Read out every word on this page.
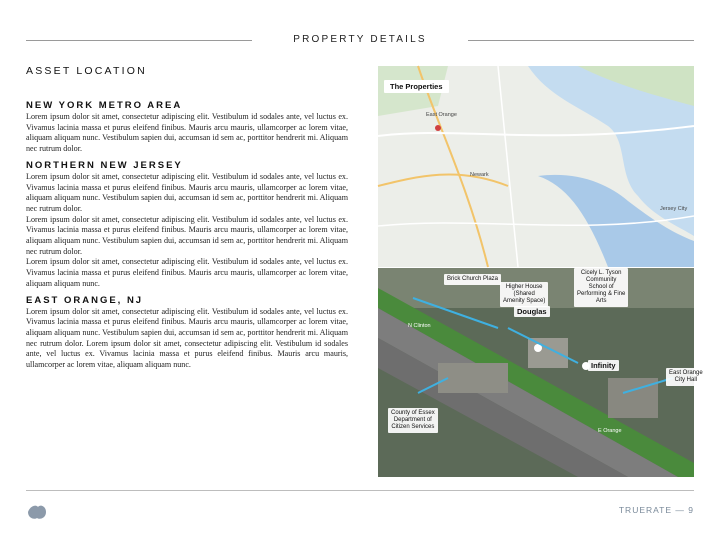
PROPERTY DETAILS
ASSET LOCATION

NEW YORK METRO AREA

Lorem ipsum dolor sit amet, consectetur adipiscing elit. Vestibulum id sodales ante, vel luctus ex. Vivamus lacinia massa et purus eleifend finibus. Mauris arcu mauris, ullamcorper ac lorem vitae, aliquam aliquam nunc. Vestibulum sapien dui, accumsan id sem ac, porttitor hendrerit mi. Aliquam nec rutrum dolor.

NORTHERN NEW JERSEY

Lorem ipsum dolor sit amet, consectetur adipiscing elit. Vestibulum id sodales ante, vel luctus ex. Vivamus lacinia massa et purus eleifend finibus. Mauris arcu mauris, ullamcorper ac lorem vitae, aliquam aliquam nunc. Vestibulum sapien dui, accumsan id sem ac, porttitor hendrerit mi. Aliquam nec rutrum dolor.

Lorem ipsum dolor sit amet, consectetur adipiscing elit. Vestibulum id sodales ante, vel luctus ex. Vivamus lacinia massa et purus eleifend finibus. Mauris arcu mauris, ullamcorper ac lorem vitae, aliquam aliquam nunc. Vestibulum sapien dui, accumsan id sem ac, porttitor hendrerit mi. Aliquam nec rutrum dolor.

Lorem ipsum dolor sit amet, consectetur adipiscing elit. Vestibulum id sodales ante, vel luctus ex. Vivamus lacinia massa et purus eleifend finibus. Mauris arcu mauris, ullamcorper ac lorem vitae, aliquam aliquam nunc.

EAST ORANGE, NJ

Lorem ipsum dolor sit amet, consectetur adipiscing elit. Vestibulum id sodales ante, vel luctus ex. Vivamus lacinia massa et purus eleifend finibus. Mauris arcu mauris, ullamcorper ac lorem vitae, aliquam aliquam nunc. Vestibulum sapien dui, accumsan id sem ac, porttitor hendrerit mi. Aliquam nec rutrum dolor. Lorem ipsum dolor sit amet, consectetur adipiscing elit. Vestibulum id sodales ante, vel luctus ex. Vivamus lacinia massa et purus eleifend finibus. Mauris arcu mauris, ullamcorper ac lorem vitae, aliquam aliquam nunc.

The Properties
East Orange
Newark
Jersey City
Brick Church Plaza
Higher House
(Shared
Amenity Space)
Cicely L. Tyson
Community
School of
Performing & Fine
Arts
Douglas
Infinity
County of Essex
Department of
Citizen Services
East Orange
City Hall
E Orange
N Clinton
TRUERATE — 9
